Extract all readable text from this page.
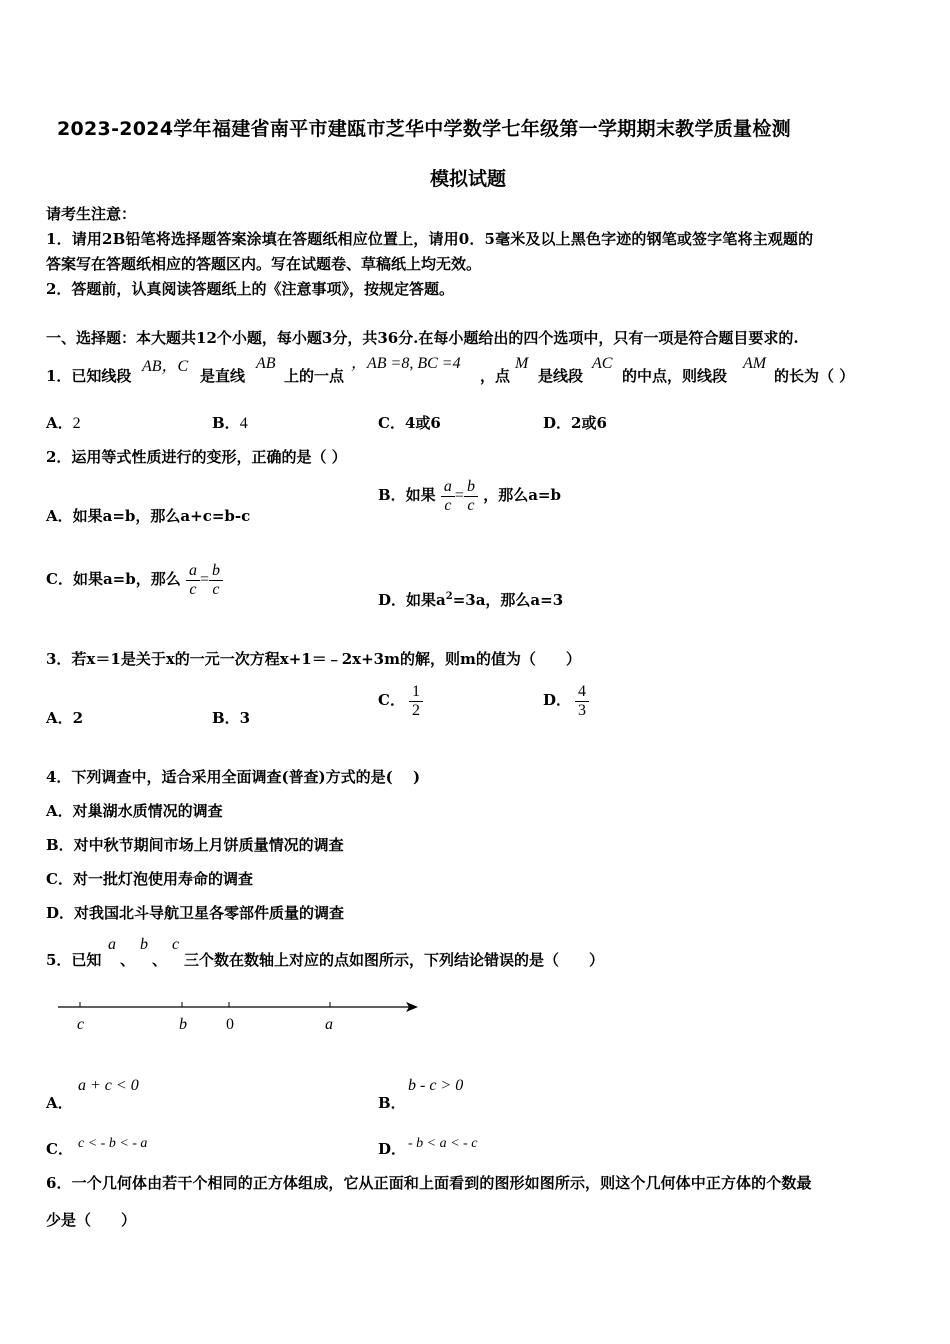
2023-2024学年福建省南平市建瓯市芝华中学数学七年级第一学期期末教学质量检测
模拟试题
请考生注意：
1．请用2B铅笔将选择题答案涂填在答题纸相应位置上，请用0．5毫米及以上黑色字迹的钢笔或签字笔将主观题的
答案写在答题纸相应的答题区内。写在试题卷、草稿纸上均无效。
2．答题前，认真阅读答题纸上的《注意事项》，按规定答题。
一、选择题：本大题共12个小题，每小题3分，共36分.在每小题给出的四个选项中，只有一项是符合题目要求的.
1．已知线段
AB，C
是直线
AB
上的一点
，AB =8, BC =4
，点
M
是线段
AC
的中点，则线段
AM
的长为（ ）
A．2	B．4	C．4或6	D．2或6
2．运用等式性质进行的变形，正确的是（ ）
A．如果a=b，那么a+c=b-c
B．如果 $\frac{a}{c} = \frac{b}{c}$ ，那么a=b
C．如果a=b，那么 $\frac{a}{c} = \frac{b}{c}$
D．如果$a^2=3a$，那么a=3
3．若x＝1是关于x的一元一次方程x+1＝﹣2x+3m的解，则m的值为（　　）
A．2	B．3
C． $\frac{1}{2}$	D． $\frac{4}{3}$
4．下列调查中，适合采用全面调查(普查)方式的是(　 )
A．对巢湖水质情况的调查
B．对中秋节期间市场上月饼质量情况的调查
C．对一批灯泡使用寿命的调查
D．对我国北斗导航卫星各零部件质量的调查
5．已知
a
、
b
、
c
三个数在数轴上对应的点如图所示，下列结论错误的是（　　）
c	b 0	a
A．
a + c < 0
B．
b - c > 0
C． c < - b < - a	D． - b < a < - c
6．一个几何体由若干个相同的正方体组成，它从正面和上面看到的图形如图所示，则这个几何体中正方体的个数最
少是（　　）
